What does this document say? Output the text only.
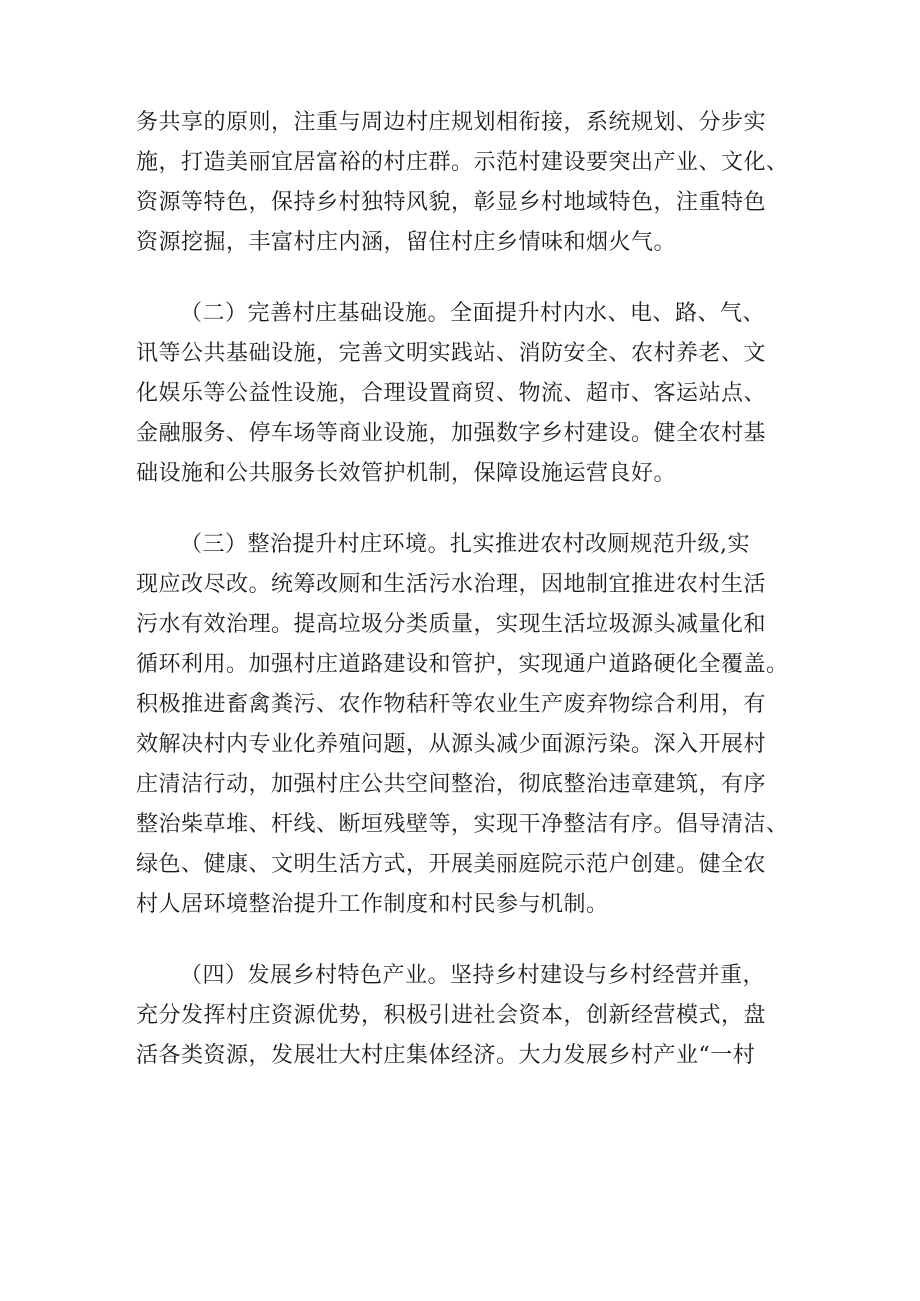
务共享的原则，注重与周边村庄规划相衔接，系统规划、分步实
施，打造美丽宜居富裕的村庄群。示范村建设要突出产业、文化、
资源等特色，保持乡村独特风貌，彰显乡村地域特色，注重特色
资源挖掘，丰富村庄内涵，留住村庄乡情味和烟火气。

（二）完善村庄基础设施。全面提升村内水、电、路、气、
讯等公共基础设施，完善文明实践站、消防安全、农村养老、文
化娱乐等公益性设施，合理设置商贸、物流、超市、客运站点、
金融服务、停车场等商业设施，加强数字乡村建设。健全农村基
础设施和公共服务长效管护机制，保障设施运营良好。

（三）整治提升村庄环境。扎实推进农村改厕规范升级,实
现应改尽改。统筹改厕和生活污水治理，因地制宜推进农村生活
污水有效治理。提高垃圾分类质量，实现生活垃圾源头减量化和
循环利用。加强村庄道路建设和管护，实现通户道路硬化全覆盖。
积极推进畜禽粪污、农作物秸秆等农业生产废弃物综合利用，有
效解决村内专业化养殖问题，从源头减少面源污染。深入开展村
庄清洁行动，加强村庄公共空间整治，彻底整治违章建筑，有序
整治柴草堆、杆线、断垣残壁等，实现干净整洁有序。倡导清洁、
绿色、健康、文明生活方式，开展美丽庭院示范户创建。健全农
村人居环境整治提升工作制度和村民参与机制。

（四）发展乡村特色产业。坚持乡村建设与乡村经营并重，
充分发挥村庄资源优势，积极引进社会资本，创新经营模式，盘
活各类资源，发展壮大村庄集体经济。大力发展乡村产业“一村
